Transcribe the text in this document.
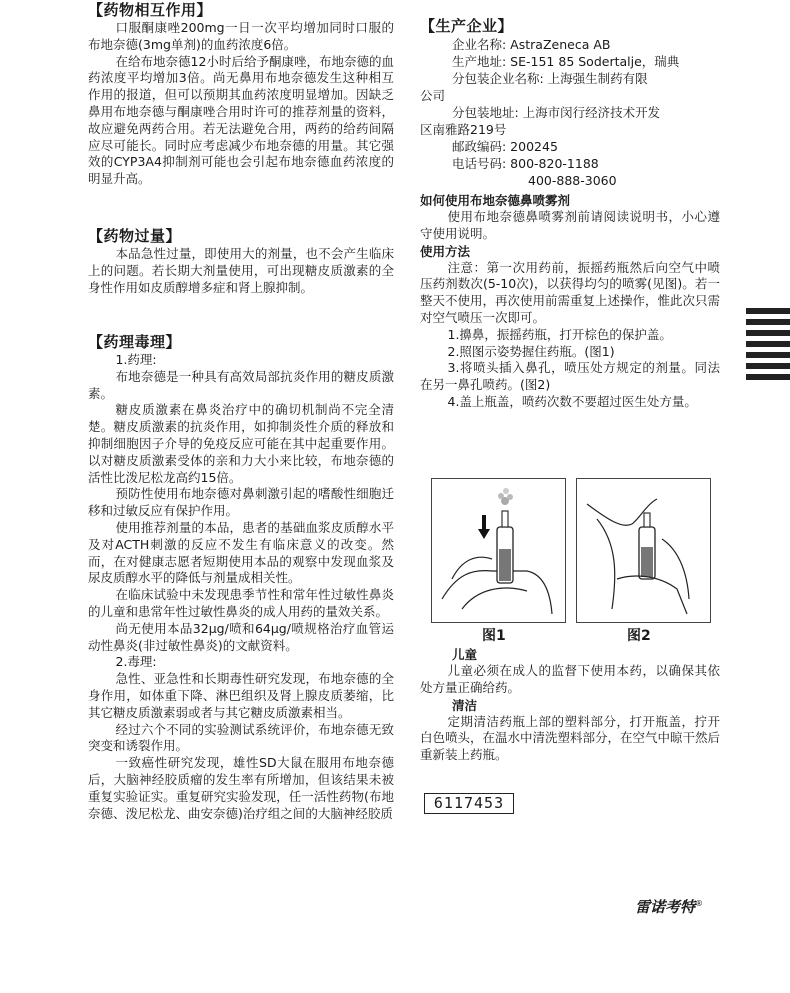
【药物相互作用】

口服酮康唑200mg一日一次平均增加同时口服的布地奈德(3mg单剂)的血药浓度6倍。

在给布地奈德12小时后给予酮康唑，布地奈德的血药浓度平均增加3倍。尚无鼻用布地奈德发生这种相互作用的报道，但可以预期其血药浓度明显增加。因缺乏鼻用布地奈德与酮康唑合用时许可的推荐剂量的资料，故应避免两药合用。若无法避免合用，两药的给药间隔应尽可能长。同时应考虑减少布地奈德的用量。其它强效的CYP3A4抑制剂可能也会引起布地奈德血药浓度的明显升高。

【药物过量】

本品急性过量，即使用大的剂量，也不会产生临床上的问题。若长期大剂量使用，可出现糖皮质激素的全身性作用如皮质醇增多症和肾上腺抑制。

【药理毒理】

1.药理:

布地奈德是一种具有高效局部抗炎作用的糖皮质激素。

糖皮质激素在鼻炎治疗中的确切机制尚不完全清楚。糖皮质激素的抗炎作用，如抑制炎性介质的释放和抑制细胞因子介导的免疫反应可能在其中起重要作用。以对糖皮质激素受体的亲和力大小来比较，布地奈德的活性比泼尼松龙高约15倍。

预防性使用布地奈德对鼻刺激引起的嗜酸性细胞迁移和过敏反应有保护作用。

使用推荐剂量的本品，患者的基础血浆皮质醇水平及对ACTH刺激的反应不发生有临床意义的改变。然而，在对健康志愿者短期使用本品的观察中发现血浆及尿皮质醇水平的降低与剂量成相关性。

在临床试验中未发现患季节性和常年性过敏性鼻炎的儿童和患常年性过敏性鼻炎的成人用药的量效关系。

尚无使用本品32µg/喷和64µg/喷规格治疗血管运动性鼻炎(非过敏性鼻炎)的文献资料。

2.毒理:

急性、亚急性和长期毒性研究发现，布地奈德的全身作用，如体重下降、淋巴组织及肾上腺皮质萎缩，比其它糖皮质激素弱或者与其它糖皮质激素相当。

经过六个不同的实验测试系统评价，布地奈德无致突变和诱裂作用。

一致癌性研究发现，雄性SD大鼠在服用布地奈德后，大脑神经胶质瘤的发生率有所增加，但该结果未被重复实验证实。重复研究实验发现，任一活性药物(布地奈德、泼尼松龙、曲安奈德)治疗组之间的大脑神经胶质

【生产企业】

企业名称: AstraZeneca AB

生产地址: SE-151 85 Sodertalje，瑞典

分包装企业名称: 上海强生制药有限

公司

分包装地址: 上海市闵行经济技术开发

区南雅路219号

邮政编码: 200245

电话号码: 800-820-1188

400-888-3060

如何使用布地奈德鼻喷雾剂

使用布地奈德鼻喷雾剂前请阅读说明书，小心遵守使用说明。

使用方法

注意：第一次用药前，振摇药瓶然后向空气中喷压药剂数次(5-10次)，以获得均匀的喷雾(见图)。若一整天不使用，再次使用前需重复上述操作，惟此次只需对空气喷压一次即可。

1.擤鼻，振摇药瓶，打开棕色的保护盖。

2.照图示姿势握住药瓶。(图1)

3.将喷头插入鼻孔，喷压处方规定的剂量。同法在另一鼻孔喷药。(图2)

4.盖上瓶盖，喷药次数不要超过医生处方量。

图1	图2

儿童

儿童必须在成人的监督下使用本药，以确保其依处方量正确给药。

清洁

定期清洁药瓶上部的塑料部分，打开瓶盖，拧开白色喷头，在温水中清洗塑料部分，在空气中晾干然后重新装上药瓶。

6117453
雷诺考特®
